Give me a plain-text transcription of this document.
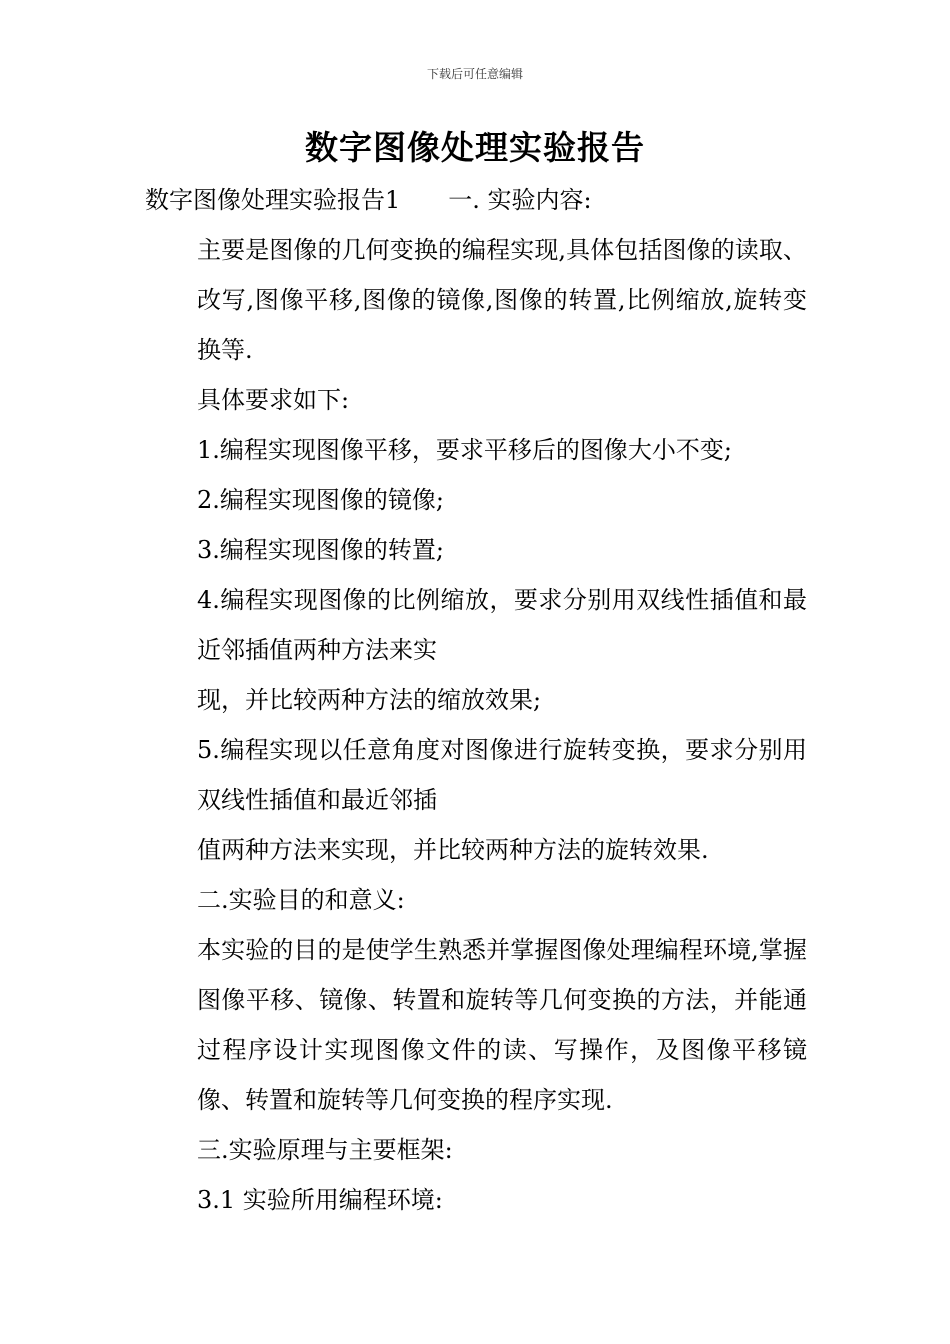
下载后可任意编辑
数字图像处理实验报告

数字图像处理实验报告1 一. 实验内容:

主要是图像的几何变换的编程实现,具体包括图像的读取、改写,图像平移,图像的镜像,图像的转置,比例缩放,旋转变换等.

具体要求如下:

1.编程实现图像平移，要求平移后的图像大小不变;

2.编程实现图像的镜像;

3.编程实现图像的转置;

4.编程实现图像的比例缩放，要求分别用双线性插值和最近邻插值两种方法来实

现，并比较两种方法的缩放效果;

5.编程实现以任意角度对图像进行旋转变换，要求分别用双线性插值和最近邻插

值两种方法来实现，并比较两种方法的旋转效果.

二.实验目的和意义:

本实验的目的是使学生熟悉并掌握图像处理编程环境,掌握图像平移、镜像、转置和旋转等几何变换的方法，并能通过程序设计实现图像文件的读、写操作，及图像平移镜像、转置和旋转等几何变换的程序实现.

三.实验原理与主要框架:

3.1 实验所用编程环境:
